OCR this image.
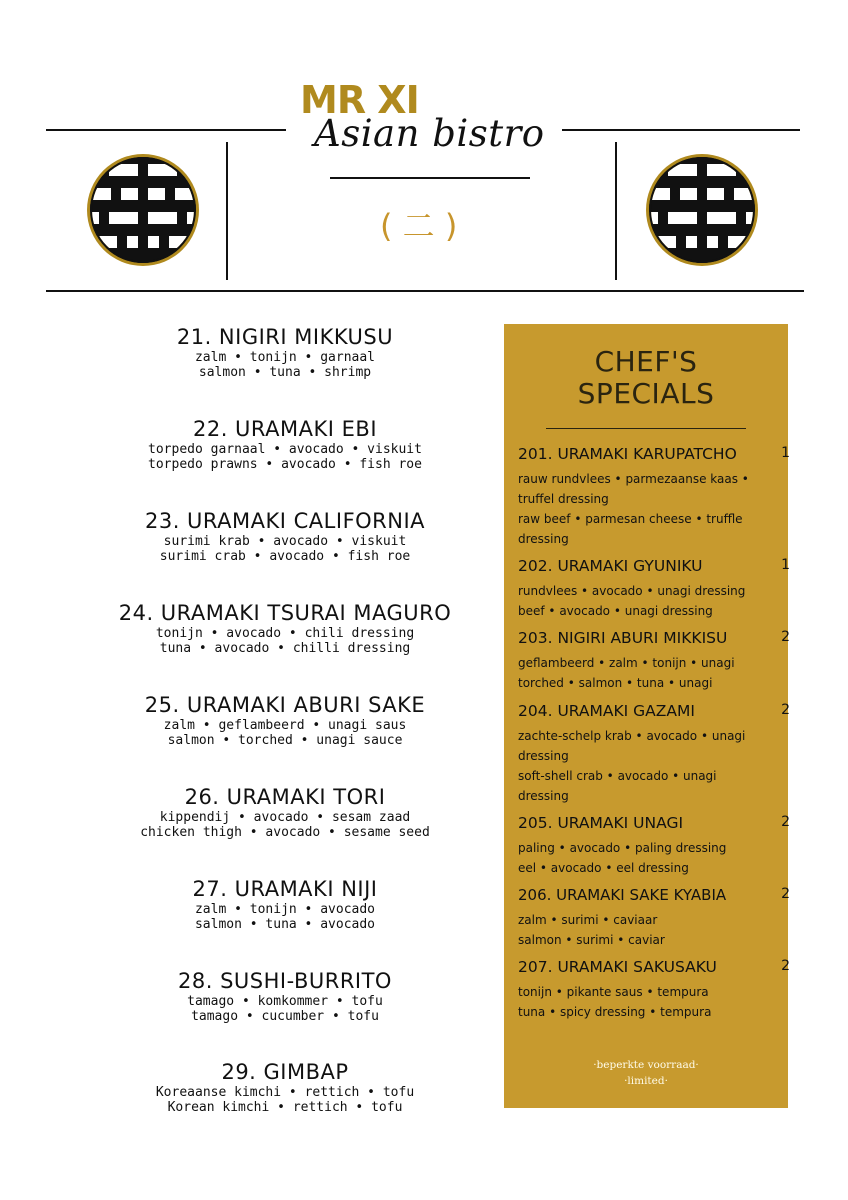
MR XI
Asian bistro
( 二 )

21. NIGIRI MIKKUSU

zalm • tonijn • garnaal

salmon • tuna • shrimp

22. URAMAKI EBI

torpedo garnaal • avocado • viskuit

torpedo prawns • avocado • fish roe

23. URAMAKI CALIFORNIA

surimi krab • avocado • viskuit

surimi crab • avocado • fish roe

24. URAMAKI TSURAI MAGURO

tonijn • avocado • chili dressing

tuna • avocado • chilli dressing

25. URAMAKI ABURI SAKE

zalm • geflambeerd • unagi saus

salmon • torched • unagi sauce

26. URAMAKI TORI

kippendij • avocado • sesam zaad

chicken thigh • avocado • sesame seed

27. URAMAKI NIJI

zalm • tonijn • avocado

salmon • tuna • avocado

28. SUSHI-BURRITO

tamago • komkommer • tofu

tamago • cucumber • tofu

29. GIMBAP

Koreaanse kimchi • rettich • tofu

Korean kimchi • rettich • tofu

CHEF'S
SPECIALS

201. URAMAKI KARUPATCHO	1

rauw rundvlees • parmezaanse kaas • truffel dressing

raw beef • parmesan cheese • truffle dressing

202. URAMAKI GYUNIKU	1

rundvlees • avocado • unagi dressing

beef • avocado • unagi dressing

203. NIGIRI ABURI MIKKISU	2

geflambeerd • zalm • tonijn • unagi

torched • salmon • tuna • unagi

204. URAMAKI GAZAMI	2

zachte-schelp krab • avocado • unagi dressing

soft-shell crab • avocado • unagi dressing

205. URAMAKI UNAGI	2

paling • avocado • paling dressing

eel • avocado • eel dressing

206. URAMAKI SAKE KYABIA	2

zalm • surimi • caviaar

salmon • surimi • caviar

207. URAMAKI SAKUSAKU	2

tonijn • pikante saus • tempura

tuna • spicy dressing • tempura

·beperkte voorraad·
·limited·
